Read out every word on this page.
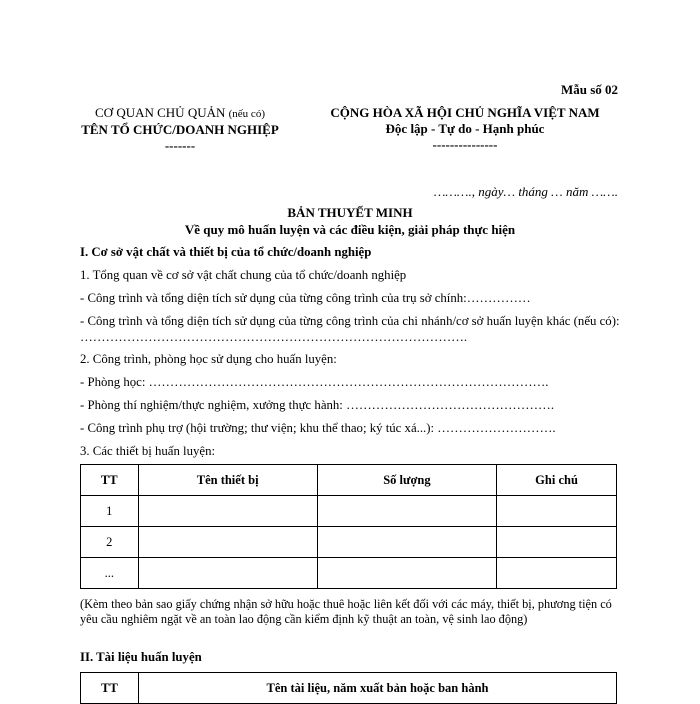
Mẫu số 02
CƠ QUAN CHỦ QUẢN (nếu có)
TÊN TỔ CHỨC/DOANH NGHIỆP
-------
CỘNG HÒA XÃ HỘI CHỦ NGHĨA VIỆT NAM
Độc lập - Tự do - Hạnh phúc
---------------
………., ngày… tháng … năm …….
BẢN THUYẾT MINH
Về quy mô huấn luyện và các điều kiện, giải pháp thực hiện
I. Cơ sở vật chất và thiết bị của tổ chức/doanh nghiệp
1. Tổng quan về cơ sở vật chất chung của tổ chức/doanh nghiệp
- Công trình và tổng diện tích sử dụng của từng công trình của trụ sở chính:……………
- Công trình và tổng diện tích sử dụng của từng công trình của chi nhánh/cơ sở huấn luyện khác (nếu có): ……………………………………………………………………………….
2. Công trình, phòng học sử dụng cho huấn luyện:
- Phòng học: ………………………………………………………………………………….
- Phòng thí nghiệm/thực nghiệm, xưởng thực hành: ………………………………………….
- Công trình phụ trợ (hội trường; thư viện; khu thể thao; ký túc xá...): ……………………….
3. Các thiết bị huấn luyện:
TT	Tên thiết bị	Số lượng	Ghi chú
1			
2			
...			
(Kèm theo bản sao giấy chứng nhận sở hữu hoặc thuê hoặc liên kết đối với các máy, thiết bị, phương tiện có yêu cầu nghiêm ngặt về an toàn lao động cần kiểm định kỹ thuật an toàn, vệ sinh lao động)
II. Tài liệu huấn luyện
TT	Tên tài liệu, năm xuất bản hoặc ban hành
